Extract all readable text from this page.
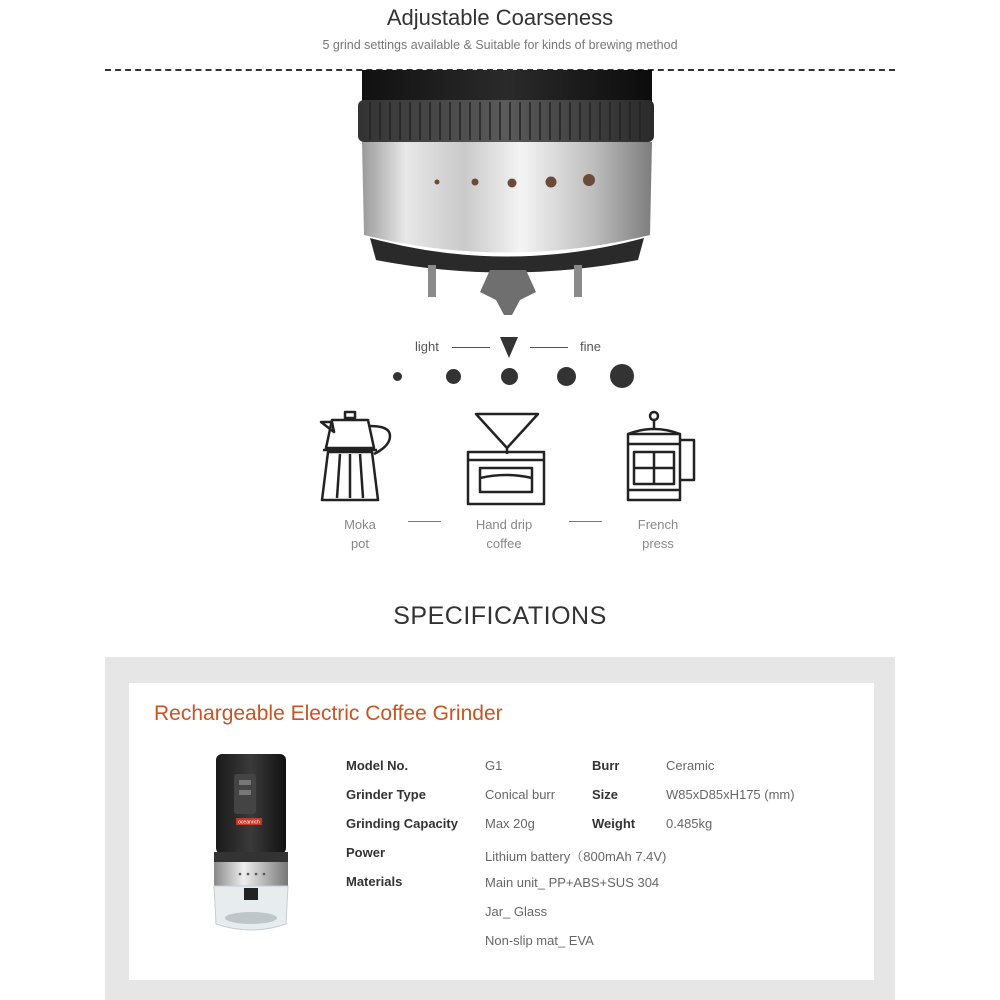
Adjustable Coarseness
5 grind settings available & Suitable for kinds of brewing method
light	fine
Moka
pot
Hand drip
coffee
French
press
SPECIFICATIONS
Rechargeable Electric Coffee Grinder
oceanrich
Model No.	G1	Burr	Ceramic
Grinder Type	Conical burr	Size	W85xD85xH175 (mm)
Grinding Capacity Max 20g	Weight 0.485kg
Power	Lithium battery（800mAh 7.4V)
Materials	Main unit_ PP+ABS+SUS 304
Jar_ Glass
Non-slip mat_ EVA
